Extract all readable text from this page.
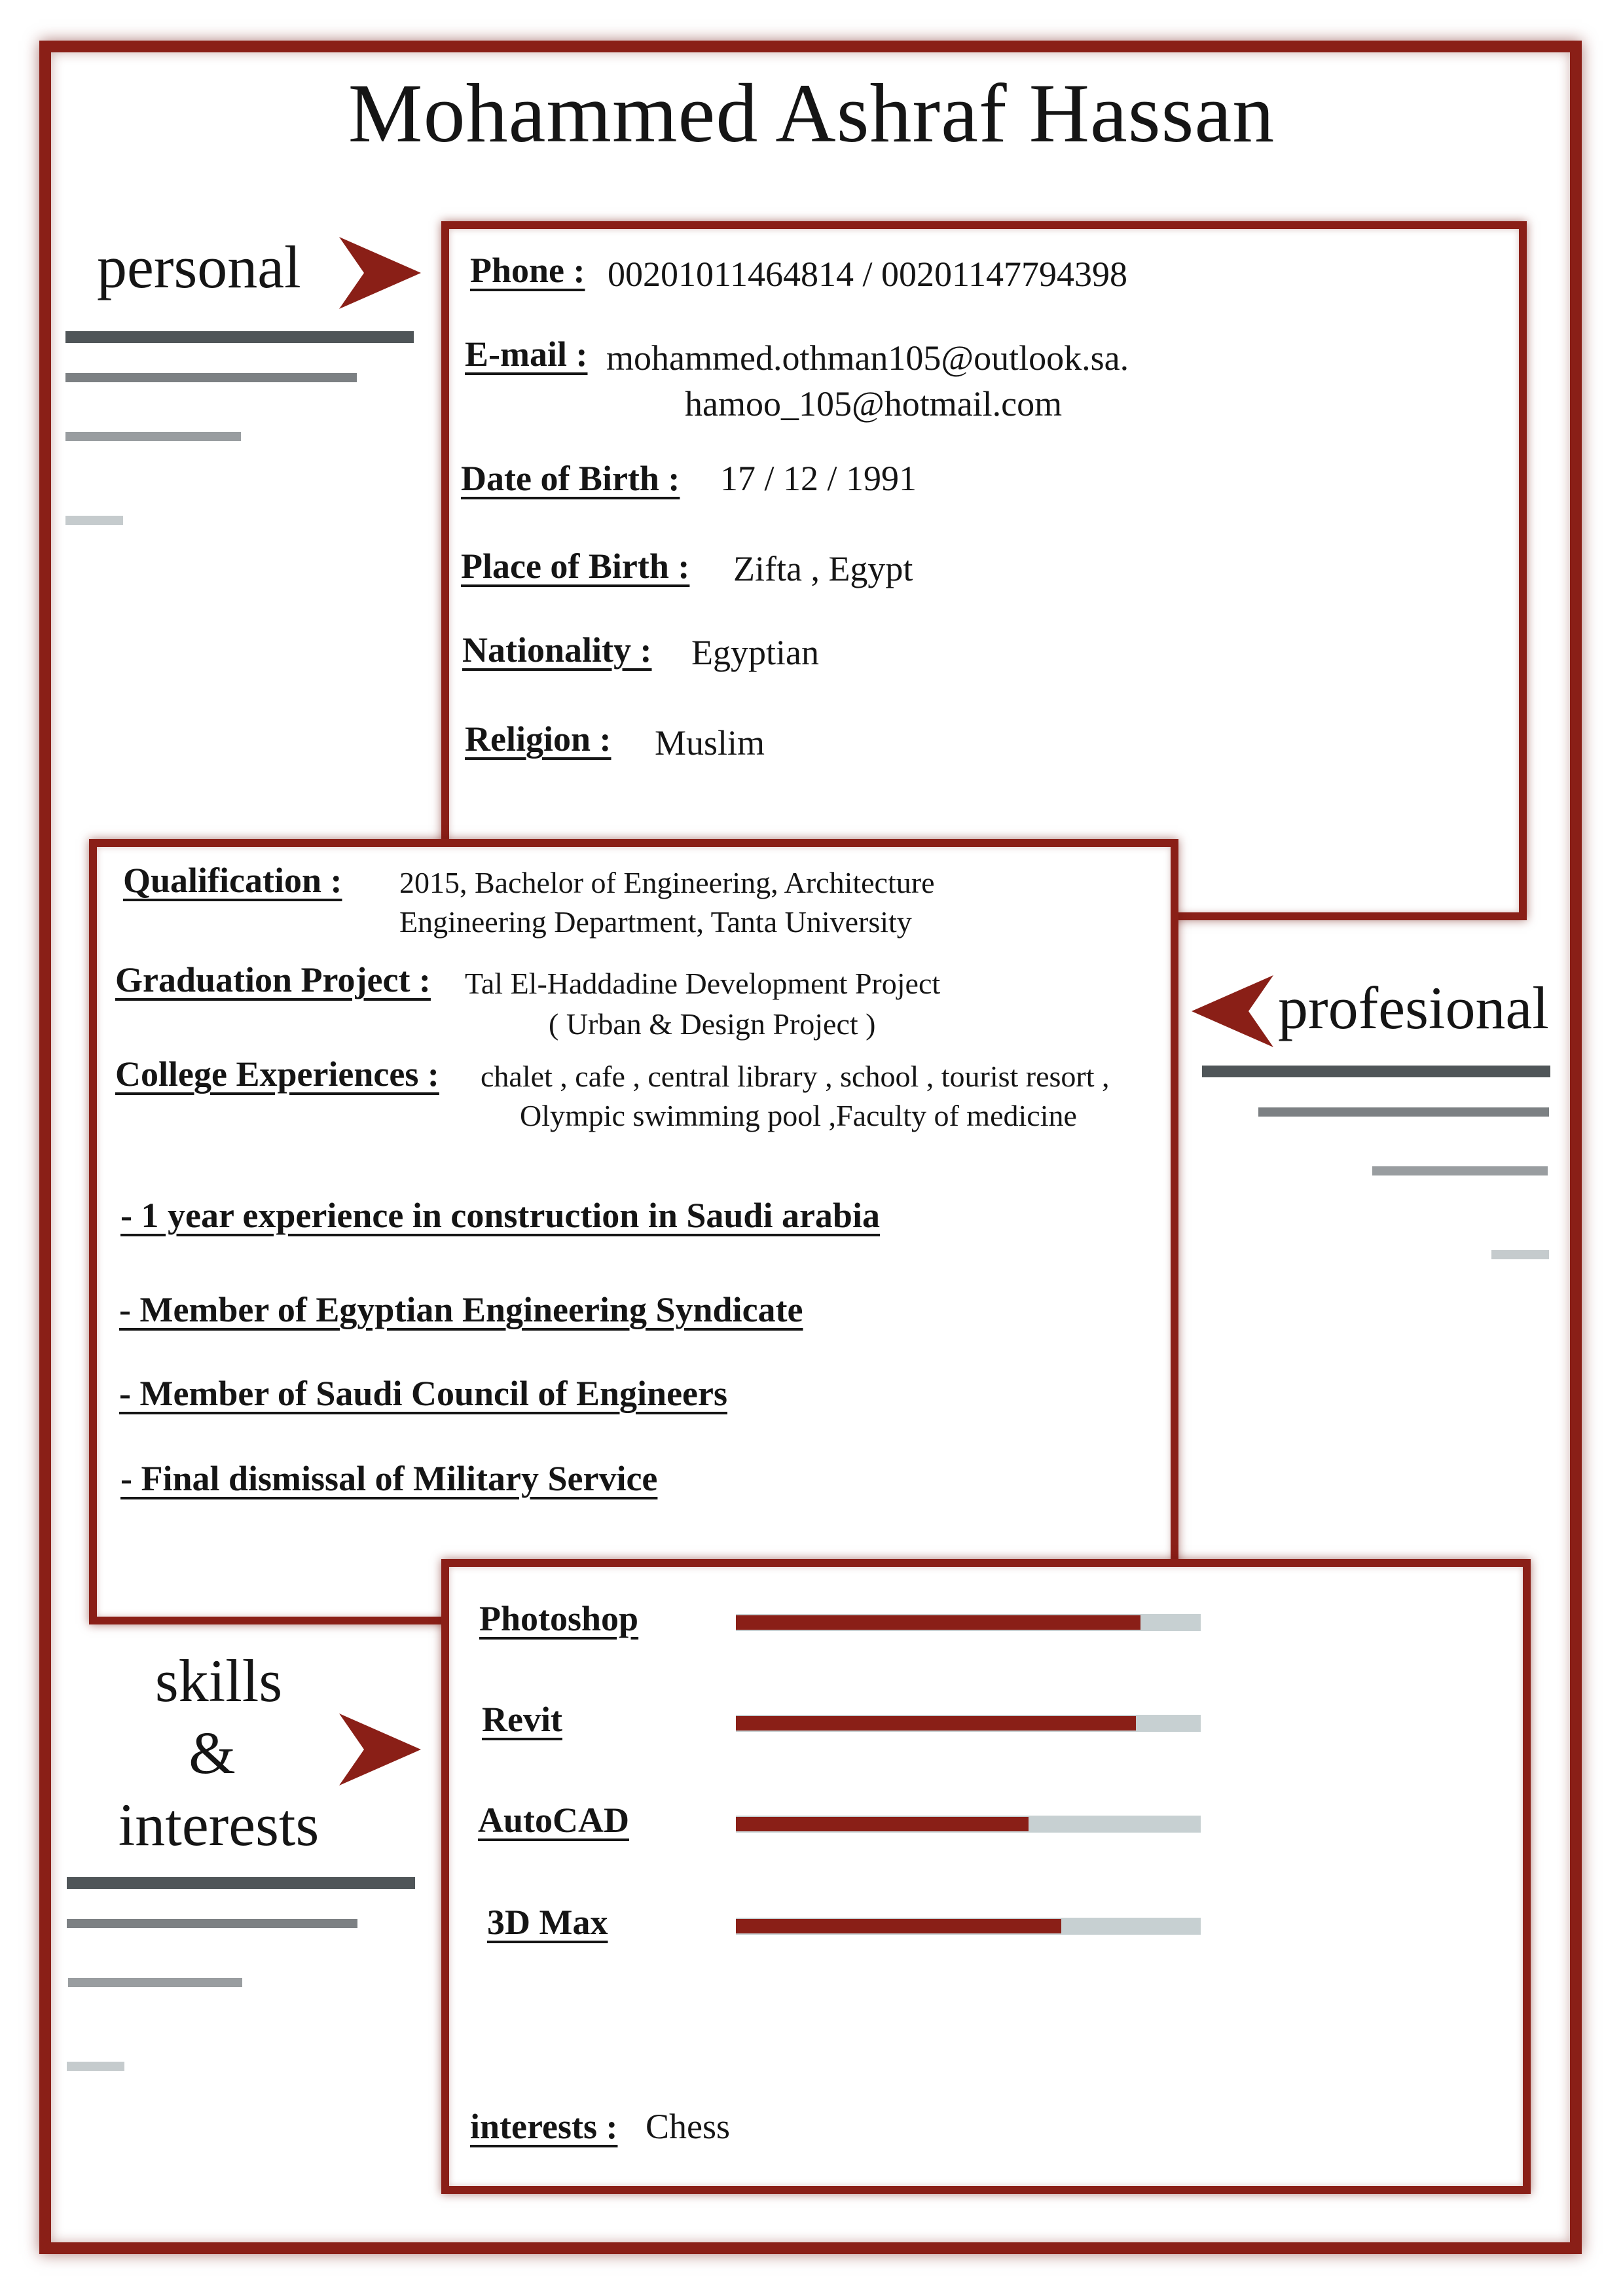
Mohammed Ashraf Hassan
personal	Phone : 00201011464814 / 00201147794398
E-mail : mohammed.othman105@outlook.sa.
hamoo_105@hotmail.com
Date of Birth : 17 / 12 / 1991
Place of Birth : Zifta , Egypt
Nationality : Egyptian
Religion : Muslim
profesional
Qualification : 2015, Bachelor of Engineering, Architecture
Engineering Department, Tanta University
Graduation Project : Tal El-Haddadine Development Project
( Urban & Design Project )
College Experiences : chalet , cafe , central library , school , tourist resort ,
Olympic swimming pool ,Faculty of medicine
- 1 year experience in construction in Saudi arabia
- Member of Egyptian Engineering Syndicate
- Member of Saudi Council of Engineers
- Final dismissal of Military Service
skills
&
interests
Photoshop
Revit
AutoCAD
3D Max
interests : Chess
